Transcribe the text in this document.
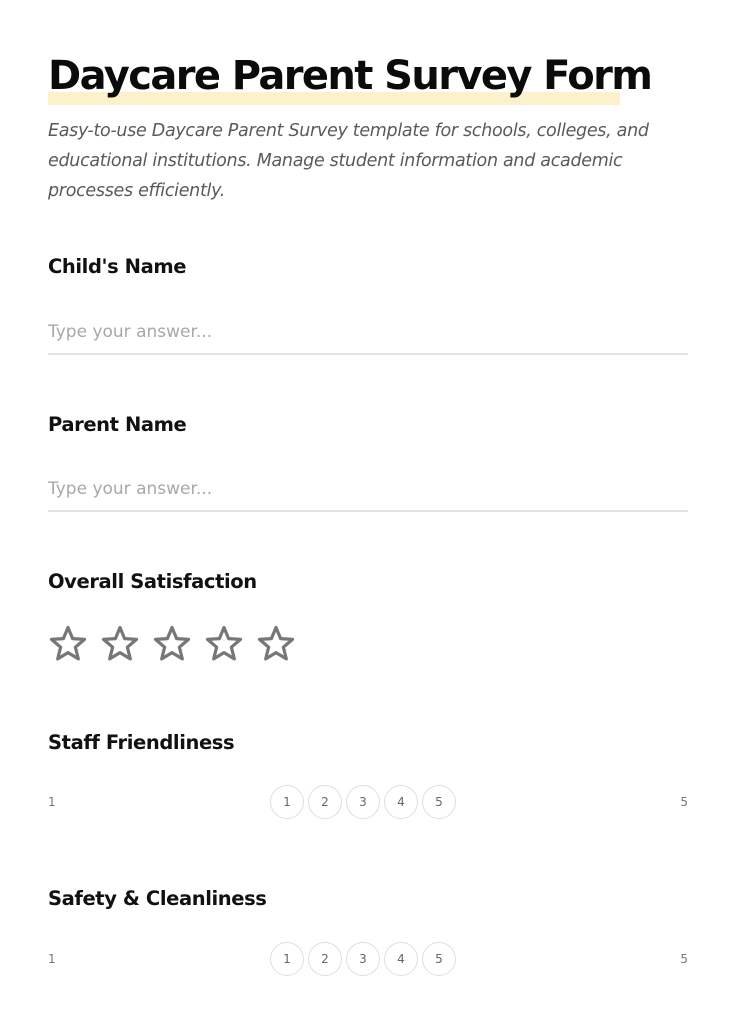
Daycare Parent Survey Form

Easy-to-use Daycare Parent Survey template for schools, colleges, and educational institutions. Manage student information and academic processes efficiently.

Child's Name
Type your answer...
Parent Name
Type your answer...
Overall Satisfaction
Staff Friendliness
1	1	2	3	4	5	5
Safety & Cleanliness
1	1	2	3	4	5	5
